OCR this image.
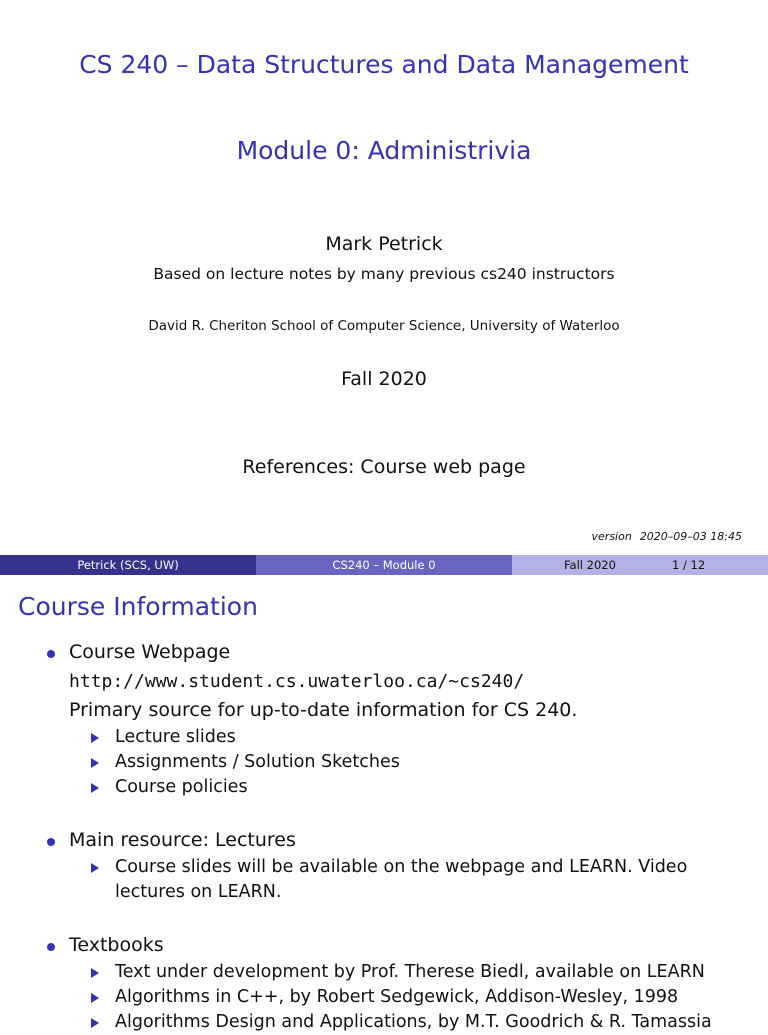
CS 240 – Data Structures and Data Management
Module 0: Administrivia
Mark Petrick
Based on lecture notes by many previous cs240 instructors
David R. Cheriton School of Computer Science, University of Waterloo
Fall 2020
References: Course web page
version 2020–09–03 18:45
Petrick (SCS, UW)	CS240 – Module 0	Fall 2020	1 / 12
Course Information
Course Webpage
http://www.student.cs.uwaterloo.ca/~cs240/
Primary source for up-to-date information for CS 240.
Lecture slides
Assignments / Solution Sketches
Course policies
Main resource: Lectures
Course slides will be available on the webpage and LEARN. Video lectures on LEARN.
Textbooks
Text under development by Prof. Therese Biedl, available on LEARN
Algorithms in C++, by Robert Sedgewick, Addison-Wesley, 1998
Algorithms Design and Applications, by M.T. Goodrich & R. Tamassia
